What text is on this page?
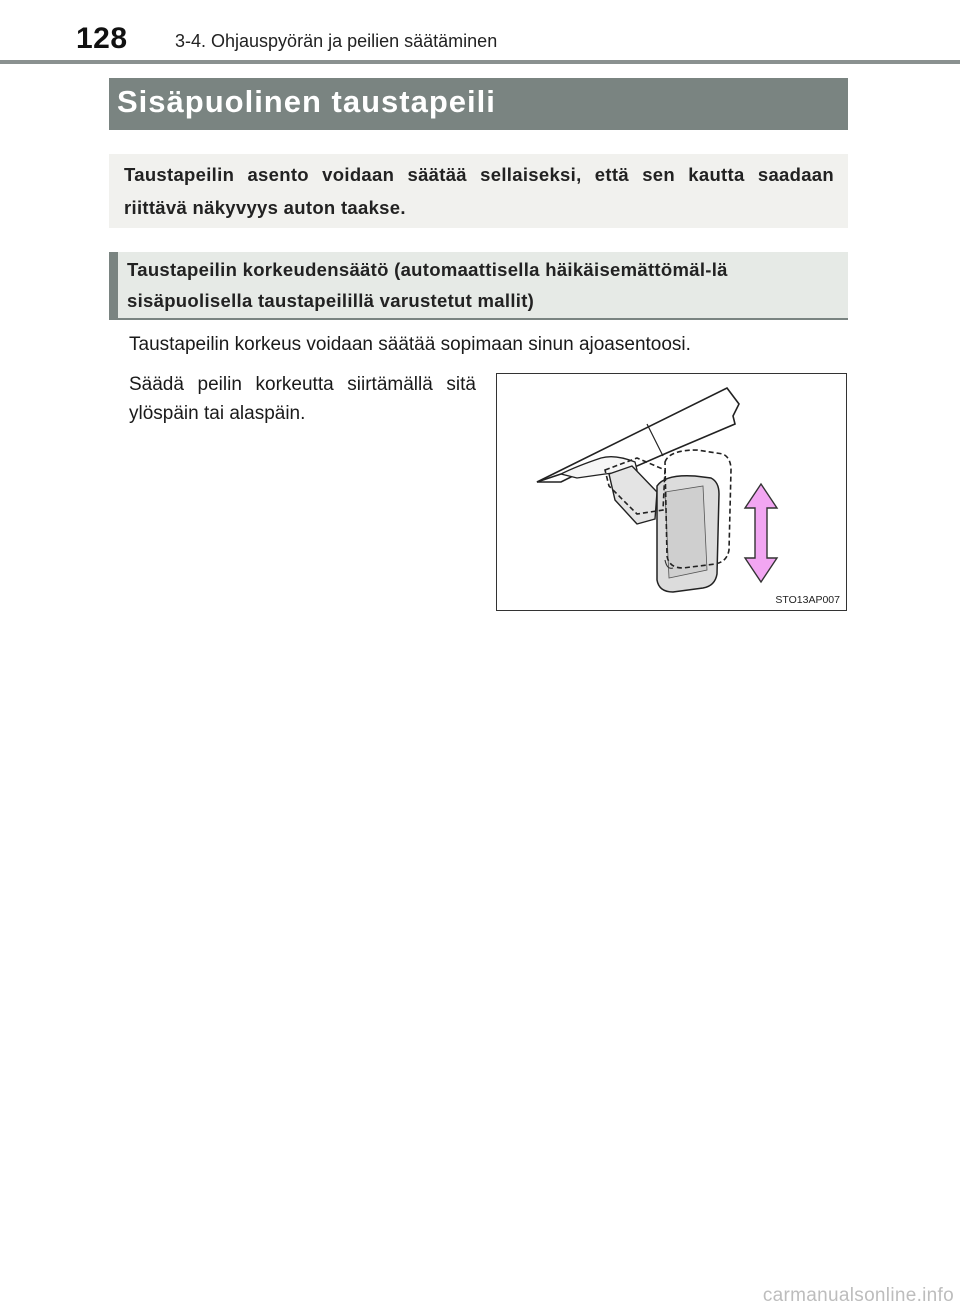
128	3-4. Ohjauspyörän ja peilien säätäminen
Sisäpuolinen taustapeili
Taustapeilin asento voidaan säätää sellaiseksi, että sen kautta saadaan riittävä näkyvyys auton taakse.
Taustapeilin korkeudensäätö (automaattisella häikäisemättömäl-lä sisäpuolisella taustapeilillä varustetut mallit)
Taustapeilin korkeus voidaan säätää sopimaan sinun ajoasentoosi.
Säädä peilin korkeutta siirtämällä sitä ylöspäin tai alaspäin.
STO13AP007
carmanualsonline.info
